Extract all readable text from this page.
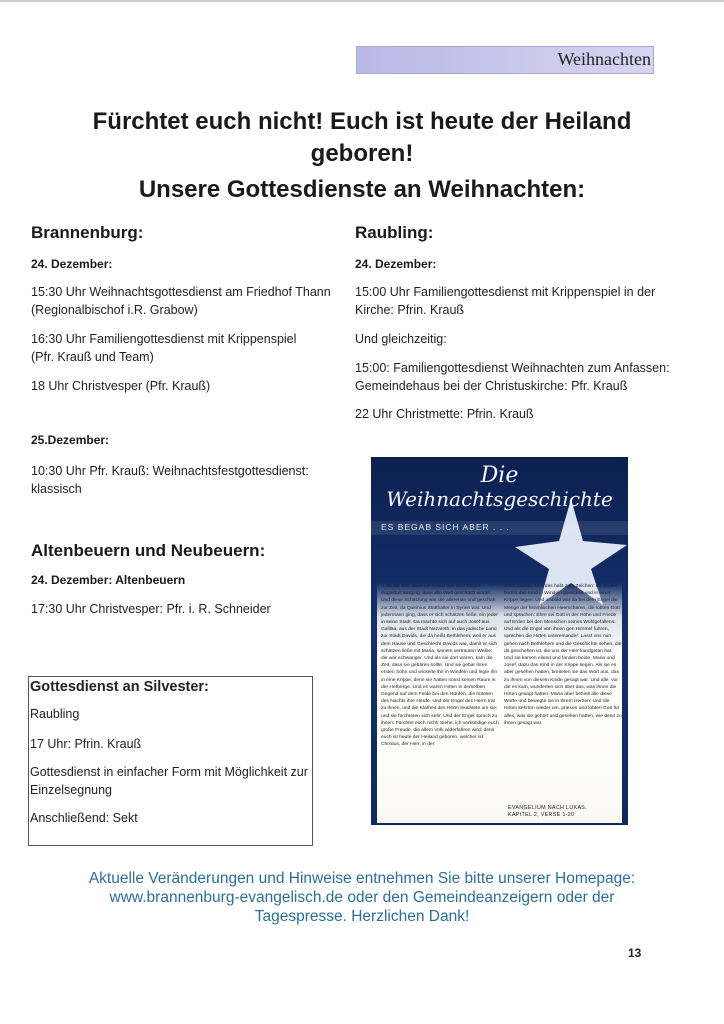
Weihnachten
Fürchtet euch nicht! Euch ist heute der Heiland
geboren!
Unsere Gottesdienste an Weihnachten:
Brannenburg:
24. Dezember:
15:30 Uhr Weihnachtsgottesdienst am Friedhof Thann
(Regionalbischof i.R. Grabow)
16:30 Uhr Familiengottesdienst mit Krippenspiel
(Pfr. Krauß und Team)
18 Uhr Christvesper (Pfr. Krauß)
25.Dezember:
10:30 Uhr Pfr. Krauß: Weihnachtsfestgottesdienst:
klassisch
Altenbeuern und Neubeuern:
24. Dezember: Altenbeuern
17:30 Uhr Christvesper: Pfr. i. R. Schneider
Raubling:
24. Dezember:
15:00 Uhr Familiengottesdienst mit Krippenspiel in der
Kirche: Pfrin. Krauß
Und gleichzeitig:
15:00: Familiengottesdienst Weihnachten zum Anfassen:
Gemeindehaus bei der Christuskirche: Pfr. Krauß
22 Uhr Christmette: Pfrin. Krauß
Gottesdienst an Silvester:
Raubling
17 Uhr: Pfrin. Krauß
Gottesdienst in einfacher Form mit Möglichkeit zur
Einzelsegnung
Anschließend: Sekt
Die
Weihnachtsgeschichte
ES BEGAB SICH ABER . . .
... zu der Zeit, dass ein Gebot von dem Kaiser Augustus ausging, dass alle Welt geschätzt würde. Und diese Schätzung war die allererste und geschah zur Zeit, da Quirinius Statthalter in Syrien war. Und jedermann ging, dass er sich schätzen ließe, ein jeder in seine Stadt. Da machte sich auf auch Josef aus Galiläa, aus der Stadt Nazareth, in das jüdische Land zur Stadt Davids, die da heißt Bethlehem, weil er aus dem Hause und Geschlecht Davids war, damit er sich schätzen ließe mit Maria, seinem vertrauten Weibe; die war schwanger. Und als sie dort waren, kam die Zeit, dass sie gebären sollte. Und sie gebar ihren ersten Sohn und wickelte ihn in Windeln und legte ihn in eine Krippe; denn sie hatten sonst keinen Raum in der Herberge. Und es waren Hirten in derselben Gegend auf dem Felde bei den Hürden, die hüteten des Nachts ihre Herde. Und der Engel des Herrn trat zu ihnen, und die Klarheit des Herrn leuchtete um sie; und sie fürchteten sich sehr. Und der Engel sprach zu ihnen: Fürchtet euch nicht! Siehe, ich verkündige euch große Freude, die allem Volk widerfahren wird; denn euch ist heute der Heiland geboren, welcher ist Christus, der Herr, in der
Stadt Davids. Und das habt zum Zeichen: Ihr werdet finden das Kind in Windeln gewickelt und in einer Krippe liegen. Und alsbald war da bei dem Engel die Menge der himmlischen Heerscharen, die lobten Gott und sprachen: Ehre sei Gott in der Höhe und Friede auf Erden bei den Menschen seines Wohlgefallens. Und als die Engel von ihnen gen Himmel fuhren, sprachen die Hirten untereinander: Lasst uns nun gehen nach Bethlehem und die Geschichte sehen, die da geschehen ist, die uns der Herr kundgetan hat. Und sie kamen eilend und fanden beide, Maria und Josef, dazu das Kind in der Krippe liegen. Als sie es aber gesehen hatten, breiteten sie das Wort aus, das zu ihnen von diesem Kinde gesagt war. Und alle, vor die es kam, wunderten sich über das, was ihnen die Hirten gesagt hatten. Maria aber behielt alle diese Worte und bewegte sie in ihrem Herzen. Und die Hirten kehrten wieder um, priesen und lobten Gott für alles, was sie gehört und gesehen hatten, wie denn zu ihnen gesagt war.
EVANGELIUM NACH LUKAS,
KAPITEL 2, VERSE 1-20
Aktuelle Veränderungen und Hinweise entnehmen Sie bitte unserer Homepage:
www.brannenburg-evangelisch.de oder den Gemeindeanzeigern oder der
Tagespresse. Herzlichen Dank!
13
